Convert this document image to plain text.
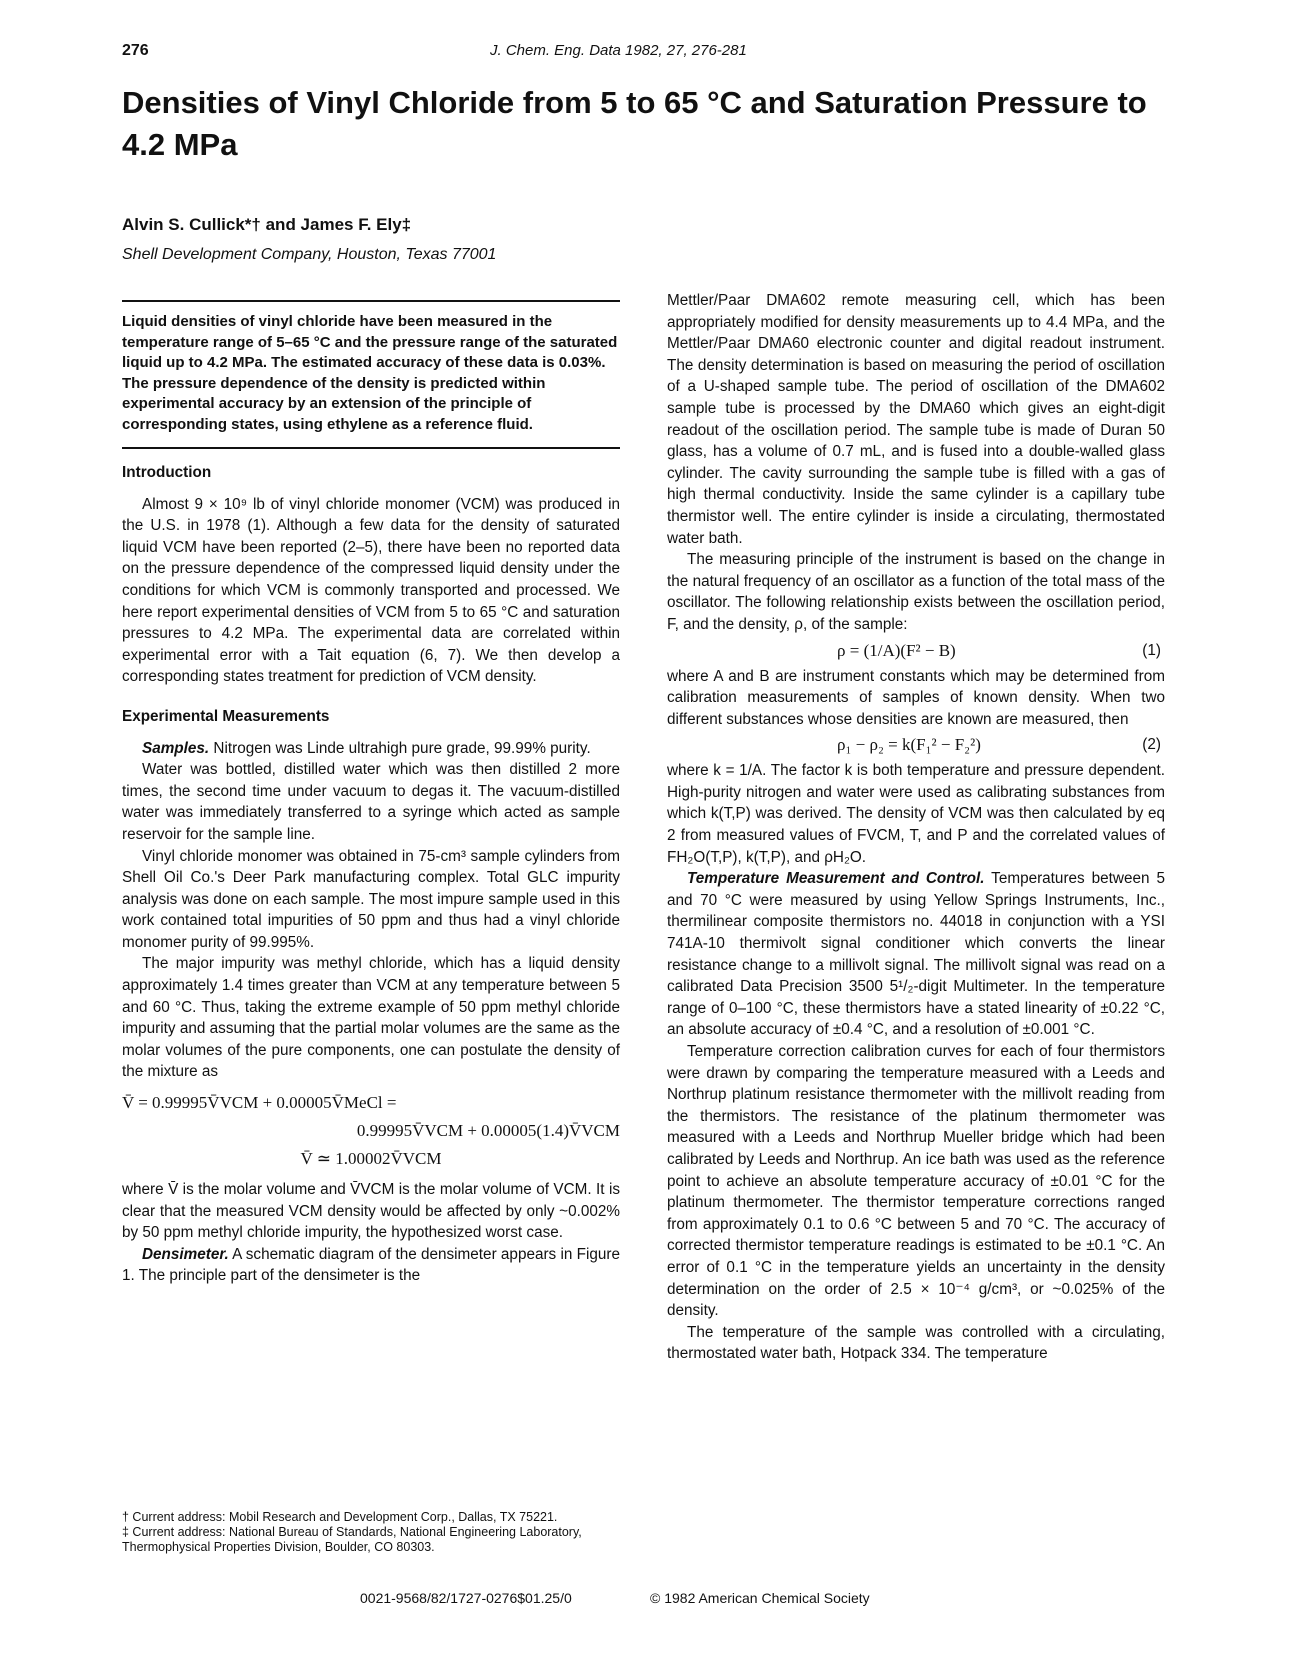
276	J. Chem. Eng. Data 1982, 27, 276-281
Densities of Vinyl Chloride from 5 to 65 °C and Saturation Pressure to 4.2 MPa
Alvin S. Cullick*† and James F. Ely‡
Shell Development Company, Houston, Texas 77001
Liquid densities of vinyl chloride have been measured in the temperature range of 5–65 °C and the pressure range of the saturated liquid up to 4.2 MPa. The estimated accuracy of these data is 0.03%. The pressure dependence of the density is predicted within experimental accuracy by an extension of the principle of corresponding states, using ethylene as a reference fluid.
Introduction

Almost 9 × 10⁹ lb of vinyl chloride monomer (VCM) was produced in the U.S. in 1978 (1). Although a few data for the density of saturated liquid VCM have been reported (2–5), there have been no reported data on the pressure dependence of the compressed liquid density under the conditions for which VCM is commonly transported and processed. We here report experimental densities of VCM from 5 to 65 °C and saturation pressures to 4.2 MPa. The experimental data are correlated within experimental error with a Tait equation (6, 7). We then develop a corresponding states treatment for prediction of VCM density.

Experimental Measurements

Samples. Nitrogen was Linde ultrahigh pure grade, 99.99% purity.

Water was bottled, distilled water which was then distilled 2 more times, the second time under vacuum to degas it. The vacuum-distilled water was immediately transferred to a syringe which acted as sample reservoir for the sample line.

Vinyl chloride monomer was obtained in 75-cm³ sample cylinders from Shell Oil Co.'s Deer Park manufacturing complex. Total GLC impurity analysis was done on each sample. The most impure sample used in this work contained total impurities of 50 ppm and thus had a vinyl chloride monomer purity of 99.995%.

The major impurity was methyl chloride, which has a liquid density approximately 1.4 times greater than VCM at any temperature between 5 and 60 °C. Thus, taking the extreme example of 50 ppm methyl chloride impurity and assuming that the partial molar volumes are the same as the molar volumes of the pure components, one can postulate the density of the mixture as

V̄ = 0.99995V̄VCM + 0.00005V̄MeCl =
0.99995V̄VCM + 0.00005(1.4)V̄VCM
V̄ ≃ 1.00002V̄VCM

where V̄ is the molar volume and V̄VCM is the molar volume of VCM. It is clear that the measured VCM density would be affected by only ~0.002% by 50 ppm methyl chloride impurity, the hypothesized worst case.

Densimeter. A schematic diagram of the densimeter appears in Figure 1. The principle part of the densimeter is the

Mettler/Paar DMA602 remote measuring cell, which has been appropriately modified for density measurements up to 4.4 MPa, and the Mettler/Paar DMA60 electronic counter and digital readout instrument. The density determination is based on measuring the period of oscillation of a U-shaped sample tube. The period of oscillation of the DMA602 sample tube is processed by the DMA60 which gives an eight-digit readout of the oscillation period. The sample tube is made of Duran 50 glass, has a volume of 0.7 mL, and is fused into a double-walled glass cylinder. The cavity surrounding the sample tube is filled with a gas of high thermal conductivity. Inside the same cylinder is a capillary tube thermistor well. The entire cylinder is inside a circulating, thermostated water bath.

The measuring principle of the instrument is based on the change in the natural frequency of an oscillator as a function of the total mass of the oscillator. The following relationship exists between the oscillation period, F, and the density, ρ, of the sample:

ρ = (1/A)(F² − B)	(1)

where A and B are instrument constants which may be determined from calibration measurements of samples of known density. When two different substances whose densities are known are measured, then

ρ₁ − ρ₂ = k(F₁² − F₂²)	(2)

where k = 1/A. The factor k is both temperature and pressure dependent. High-purity nitrogen and water were used as calibrating substances from which k(T,P) was derived. The density of VCM was then calculated by eq 2 from measured values of FVCM, T, and P and the correlated values of FH₂O(T,P), k(T,P), and ρH₂O.

Temperature Measurement and Control. Temperatures between 5 and 70 °C were measured by using Yellow Springs Instruments, Inc., thermilinear composite thermistors no. 44018 in conjunction with a YSI 741A-10 thermivolt signal conditioner which converts the linear resistance change to a millivolt signal. The millivolt signal was read on a calibrated Data Precision 3500 5¹/₂-digit Multimeter. In the temperature range of 0–100 °C, these thermistors have a stated linearity of ±0.22 °C, an absolute accuracy of ±0.4 °C, and a resolution of ±0.001 °C.

Temperature correction calibration curves for each of four thermistors were drawn by comparing the temperature measured with a Leeds and Northrup platinum resistance thermometer with the millivolt reading from the thermistors. The resistance of the platinum thermometer was measured with a Leeds and Northrup Mueller bridge which had been calibrated by Leeds and Northrup. An ice bath was used as the reference point to achieve an absolute temperature accuracy of ±0.01 °C for the platinum thermometer. The thermistor temperature corrections ranged from approximately 0.1 to 0.6 °C between 5 and 70 °C. The accuracy of corrected thermistor temperature readings is estimated to be ±0.1 °C. An error of 0.1 °C in the temperature yields an uncertainty in the density determination on the order of 2.5 × 10⁻⁴ g/cm³, or ~0.025% of the density.

The temperature of the sample was controlled with a circulating, thermostated water bath, Hotpack 334. The temperature

† Current address: Mobil Research and Development Corp., Dallas, TX 75221.
‡ Current address: National Bureau of Standards, National Engineering Laboratory, Thermophysical Properties Division, Boulder, CO 80303.
0021-9568/82/1727-0276$01.25/0	© 1982 American Chemical Society
